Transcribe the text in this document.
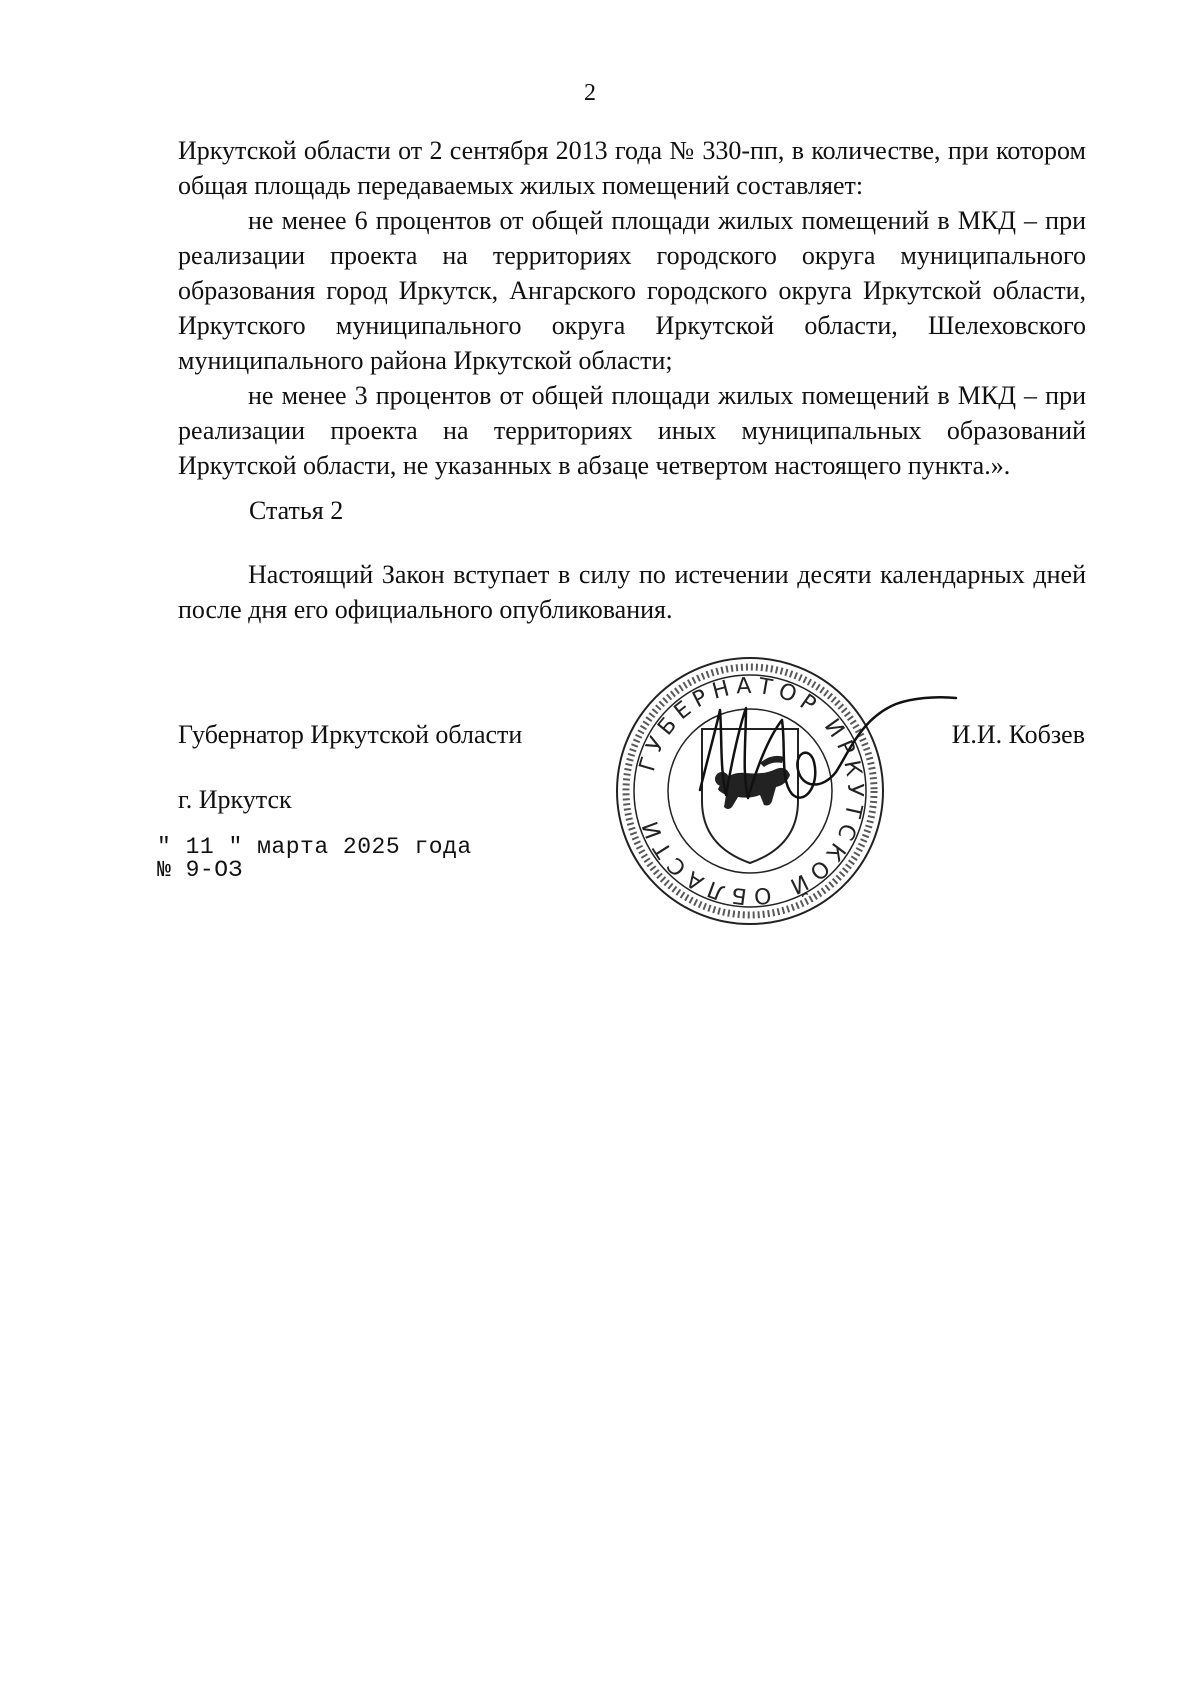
2

Иркутской области от 2 сентября 2013 года № 330-пп, в количестве, при котором общая площадь передаваемых жилых помещений составляет:

не менее 6 процентов от общей площади жилых помещений в МКД – при реализации проекта на территориях городского округа муниципального образования город Иркутск, Ангарского городского округа Иркутской области, Иркутского муниципального округа Иркутской области, Шелеховского муниципального района Иркутской области;

не менее 3 процентов от общей площади жилых помещений в МКД – при реализации проекта на территориях иных муниципальных образований Иркутской области, не указанных в абзаце четвертом настоящего пункта.».

Статья 2

Настоящий Закон вступает в силу по истечении десяти календарных дней после дня его официального опубликования.

Губернатор Иркутской области	И.И. Кобзев
г. Иркутск
" 11 " марта 2025 года
№ 9-ОЗ
ГУБЕРНАТОР ИРКУТСКОЙ ОБЛАСТИ
